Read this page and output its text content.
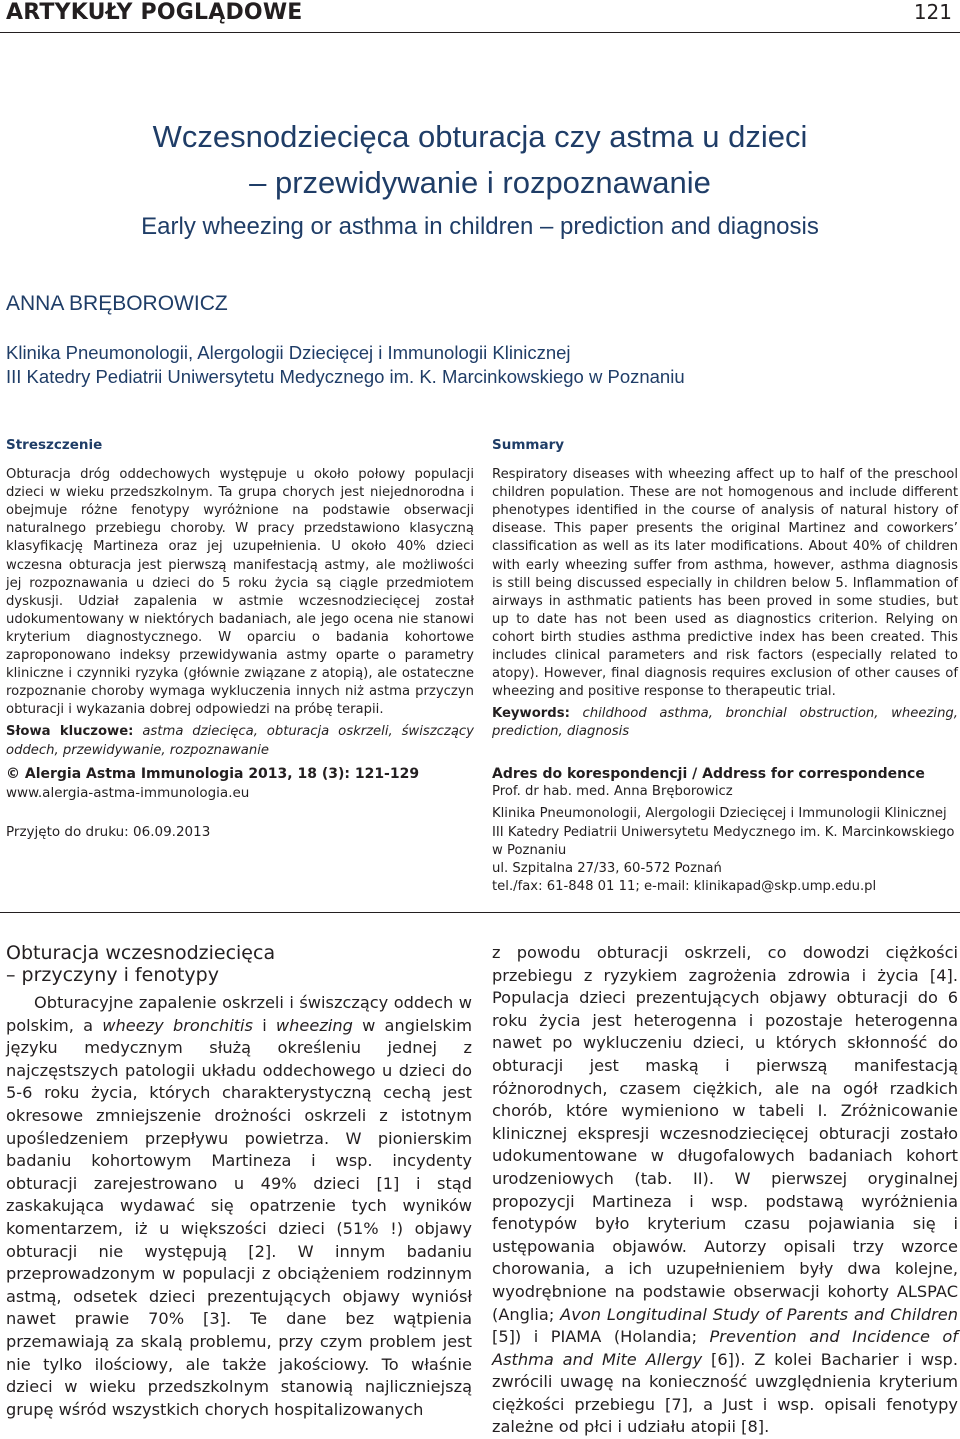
ARTYKUŁY POGLĄDOWE	121
Wczesnodziecięca obturacja czy astma u dzieci
– przewidywanie i rozpoznawanie
Early wheezing or asthma in children – prediction and diagnosis
ANNA BRĘBOROWICZ
Klinika Pneumonologii, Alergologii Dziecięcej i Immunologii Klinicznej
III Katedry Pediatrii Uniwersytetu Medycznego im. K. Marcinkowskiego w Poznaniu
Streszczenie

Obturacja dróg oddechowych występuje u około połowy populacji dzieci w wieku przedszkolnym. Ta grupa chorych jest niejednorodna i obejmuje różne fenotypy wyróżnione na podstawie obserwacji naturalnego przebiegu choroby. W pracy przedstawiono klasyczną klasyfikację Martineza oraz jej uzupełnienia. U około 40% dzieci wczesna obturacja jest pierwszą manifestacją astmy, ale możliwości jej rozpoznawania u dzieci do 5 roku życia są ciągle przedmiotem dyskusji. Udział zapalenia w astmie wczesnodziecięcej został udokumentowany w niektórych badaniach, ale jego ocena nie stanowi kryterium diagnostycznego. W oparciu o badania kohortowe zaproponowano indeksy przewidywania astmy oparte o parametry kliniczne i czynniki ryzyka (głównie związane z atopią), ale ostateczne rozpoznanie choroby wymaga wykluczenia innych niż astma przyczyn obturacji i wykazania dobrej odpowiedzi na próbę terapii.

Słowa kluczowe: astma dziecięca, obturacja oskrzeli, świszczący oddech, przewidywanie, rozpoznawanie

Summary

Respiratory diseases with wheezing affect up to half of the preschool children population. These are not homogenous and include different phenotypes identified in the course of analysis of natural history of disease. This paper presents the original Martinez and coworkers’ classification as well as its later modifications. About 40% of children with early wheezing suffer from asthma, however, asthma diagnosis is still being discussed especially in children below 5. Inflammation of airways in asthmatic patients has been proved in some studies, but up to date has not been used as diagnostics criterion. Relying on cohort birth studies asthma predictive index has been created. This includes clinical parameters and risk factors (especially related to atopy). However, final diagnosis requires exclusion of other causes of wheezing and positive response to therapeutic trial.

Keywords: childhood asthma, bronchial obstruction, wheezing, prediction, diagnosis

© Alergia Astma Immunologia 2013, 18 (3): 121-129
www.alergia-astma-immunologia.eu
Przyjęto do druku: 06.09.2013
Adres do korespondencji / Address for correspondence
Prof. dr hab. med. Anna Bręborowicz
Klinika Pneumonologii, Alergologii Dziecięcej i Immunologii Klinicznej
III Katedry Pediatrii Uniwersytetu Medycznego im. K. Marcinkowskiego
w Poznaniu
ul. Szpitalna 27/33, 60-572 Poznań
tel./fax: 61-848 01 11; e-mail: klinikapad@skp.ump.edu.pl
Obturacja wczesnodziecięca
– przyczyny i fenotypy

Obturacyjne zapalenie oskrzeli i świszczący oddech w polskim, a wheezy bronchitis i wheezing w angielskim języku medycznym służą określeniu jednej z najczęstszych patologii układu oddechowego u dzieci do 5-6 roku życia, których charakterystyczną cechą jest okresowe zmniejszenie drożności oskrzeli z istotnym upośledzeniem przepływu powietrza. W pionierskim badaniu kohortowym Martineza i wsp. incydenty obturacji zarejestrowano u 49% dzieci [1] i stąd zaskakująca wydawać się opatrzenie tych wyników komentarzem, iż u większości dzieci (51% !) objawy obturacji nie występują [2]. W innym badaniu przeprowadzonym w populacji z obciążeniem rodzinnym astmą, odsetek dzieci prezentujących objawy wyniósł nawet prawie 70% [3]. Te dane bez wątpienia przemawiają za skalą problemu, przy czym problem jest nie tylko ilościowy, ale także jakościowy. To właśnie dzieci w wieku przedszkolnym stanowią najliczniejszą grupę wśród wszystkich chorych hospitalizowanych

z powodu obturacji oskrzeli, co dowodzi ciężkości przebiegu z ryzykiem zagrożenia zdrowia i życia [4]. Populacja dzieci prezentujących objawy obturacji do 6 roku życia jest heterogenna i pozostaje heterogenna nawet po wykluczeniu dzieci, u których skłonność do obturacji jest maską i pierwszą manifestacją różnorodnych, czasem ciężkich, ale na ogół rzadkich chorób, które wymieniono w tabeli I. Zróżnicowanie klinicznej ekspresji wczesnodziecięcej obturacji zostało udokumentowane w długofalowych badaniach kohort urodzeniowych (tab. II). W pierwszej oryginalnej propozycji Martineza i wsp. podstawą wyróżnienia fenotypów było kryterium czasu pojawiania się i ustępowania objawów. Autorzy opisali trzy wzorce chorowania, a ich uzupełnieniem były dwa kolejne, wyodrębnione na podstawie obserwacji kohorty ALSPAC (Anglia; Avon Longitudinal Study of Parents and Children [5]) i PIAMA (Holandia; Prevention and Incidence of Asthma and Mite Allergy [6]). Z kolei Bacharier i wsp. zwrócili uwagę na konieczność uwzględnienia kryterium ciężkości przebiegu [7], a Just i wsp. opisali fenotypy zależne od płci i udziału atopii [8].
